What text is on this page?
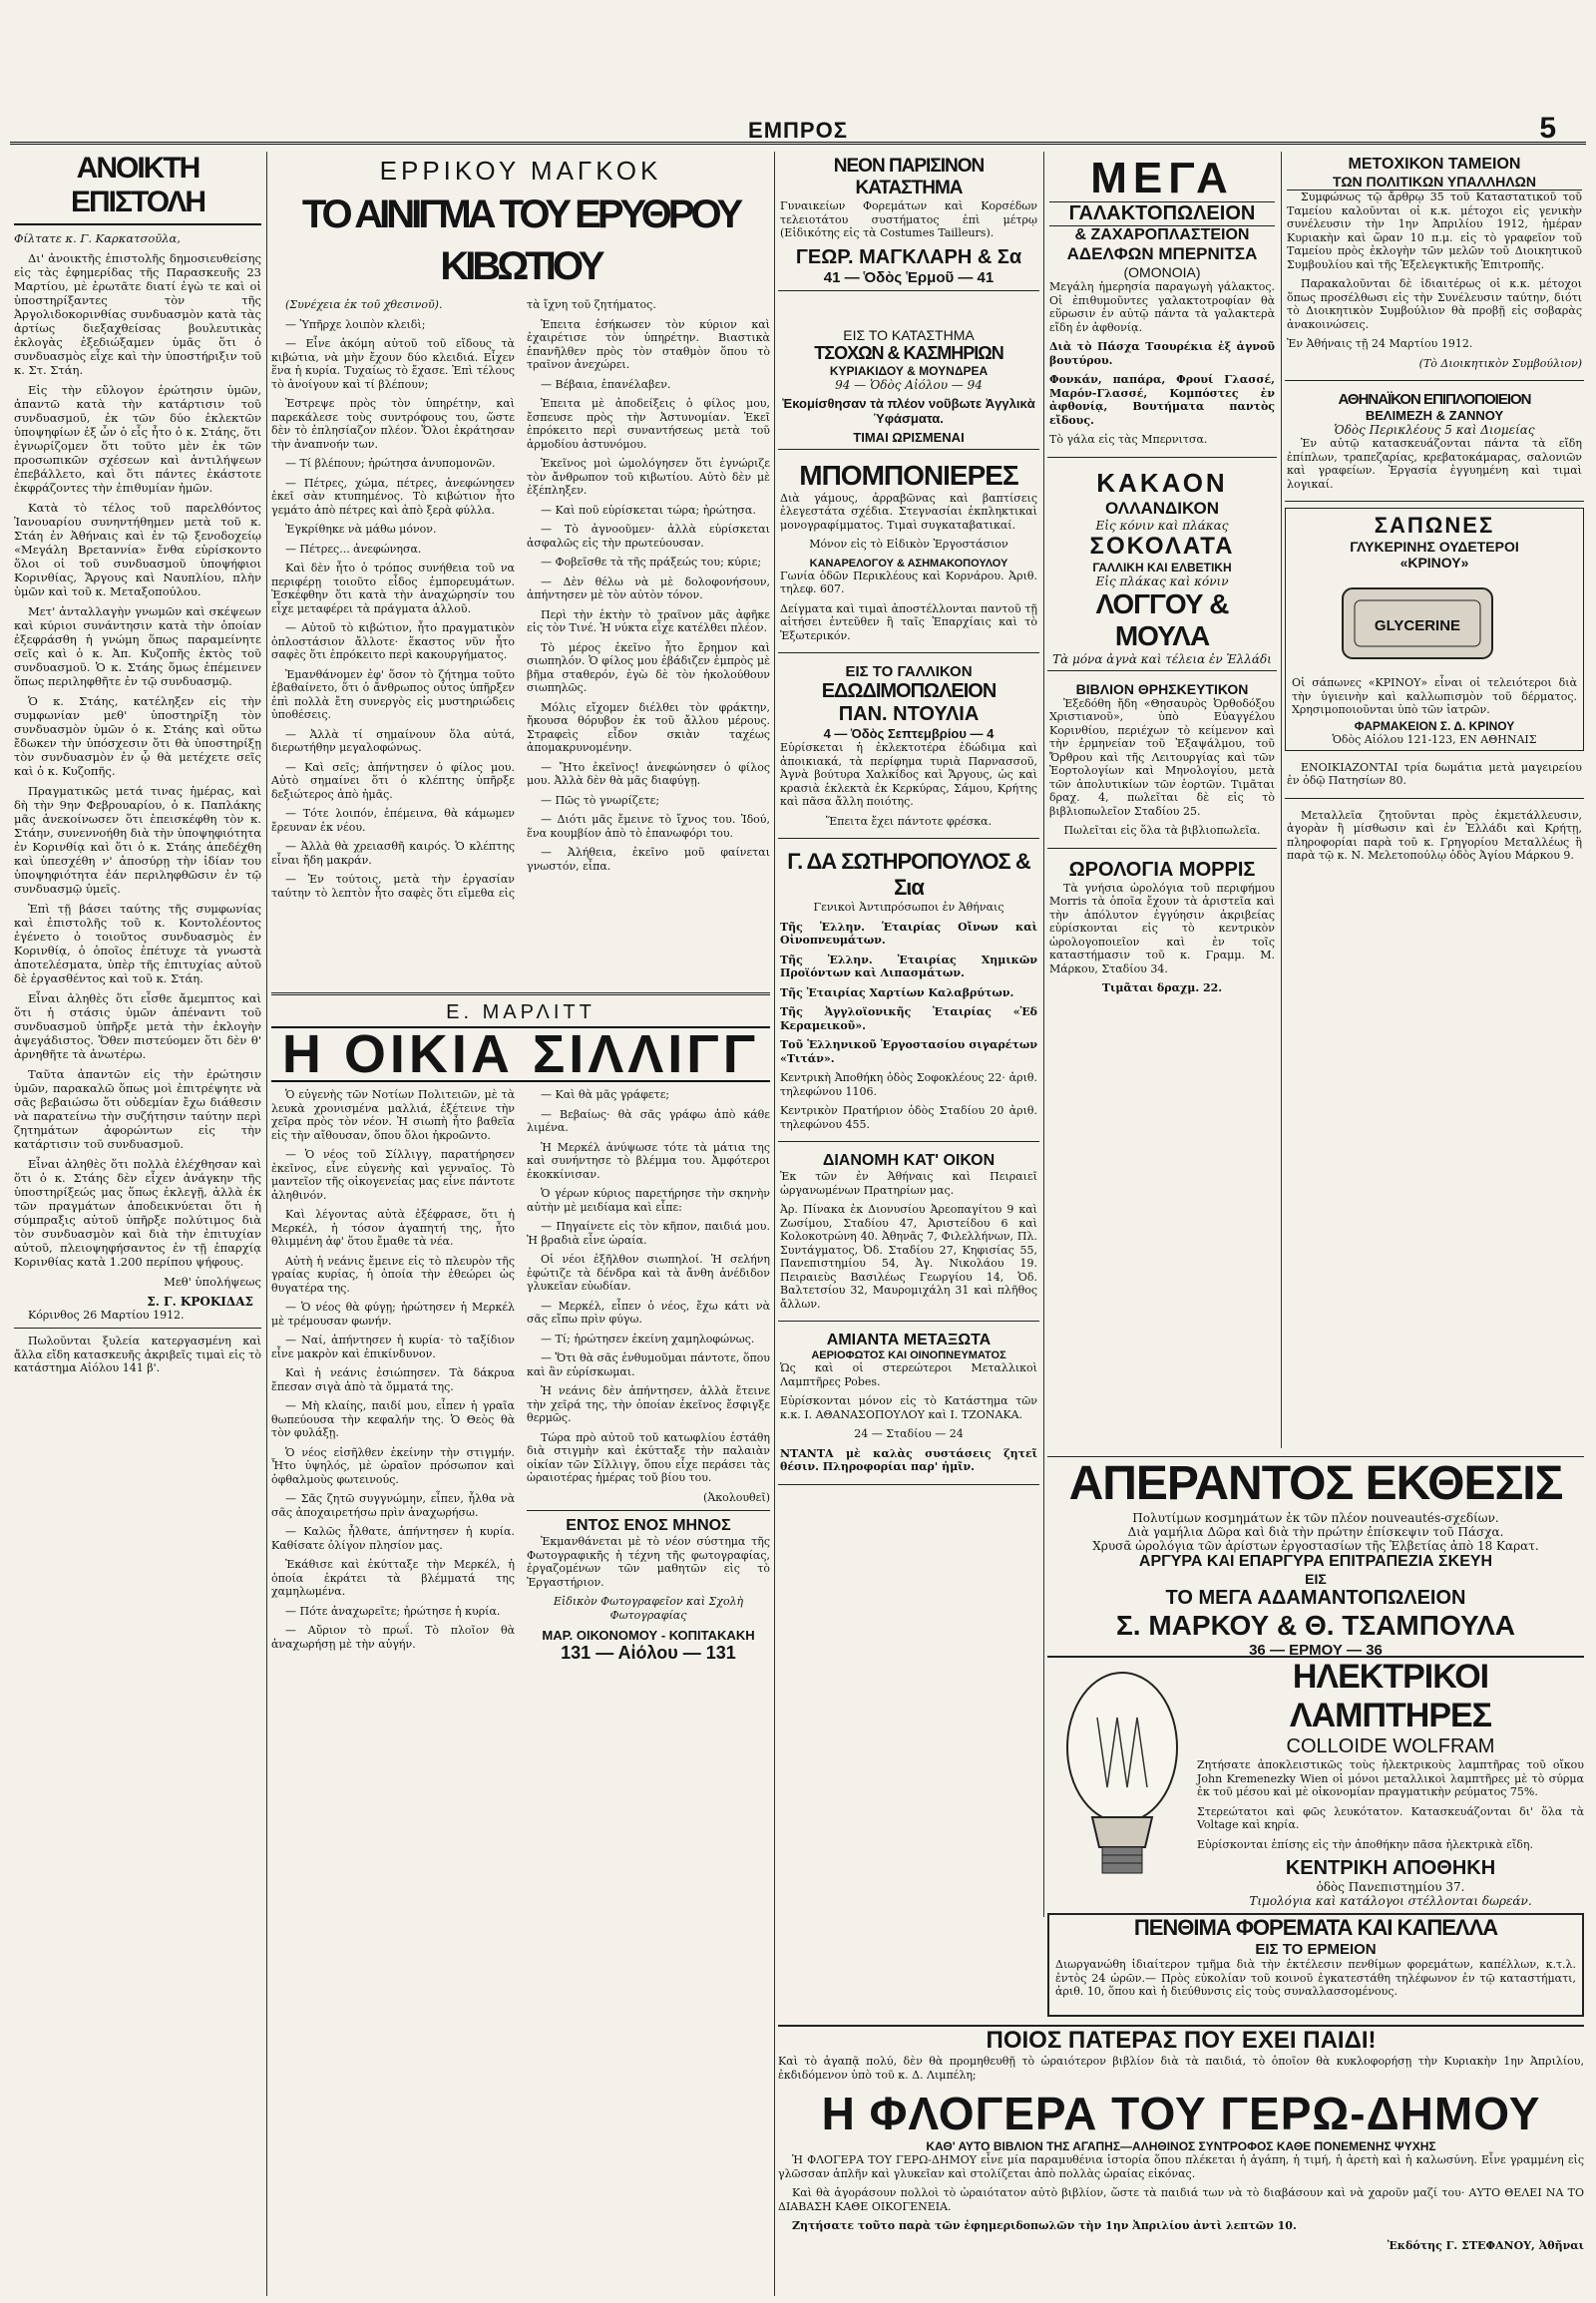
ΕΜΠΡΟΣ	5
ΑΝΟΙΚΤΗ ΕΠΙΣΤΟΛΗ

Φίλτατε κ. Γ. Καρκατσοῦλα,

Δι' ἀνοικτῆς ἐπιστολῆς δημοσιευθείσης εἰς τὰς ἐφημερίδας τῆς Παρασκευῆς 23 Μαρτίου, μὲ ἐρωτᾶτε διατί ἐγὼ τε καὶ οἱ ὑποστηρίξαντες τὸν τῆς Ἀργολιδοκορινθίας συνδυασμὸν κατὰ τὰς ἀρτίως διεξαχθείσας βουλευτικὰς ἐκλογὰς ἐξεδιώξαμεν ὑμᾶς ὅτι ὁ συνδυασμὸς εἶχε καὶ τὴν ὑποστήριξιν τοῦ κ. Στ. Στάη.

Εἰς τὴν εὔλογον ἐρώτησιν ὑμῶν, ἀπαντῶ κατὰ τὴν κατάρτισιν τοῦ συνδυασμοῦ, ἐκ τῶν δύο ἐκλεκτῶν ὑποψηφίων ἐξ ὧν ὁ εἷς ἦτο ὁ κ. Στάης, ὅτι ἐγνωρίζομεν ὅτι τοῦτο μὲν ἐκ τῶν προσωπικῶν σχέσεων καὶ ἀντιλήψεων ἐπεβάλλετο, καὶ ὅτι πάντες ἐκάστοτε ἐκφράζοντες τὴν ἐπιθυμίαν ἡμῶν.

Κατὰ τὸ τέλος τοῦ παρελθόντος Ἰανουαρίου συνηντήθημεν μετὰ τοῦ κ. Στάη ἐν Ἀθήναις καὶ ἐν τῷ ξενοδοχείῳ «Μεγάλη Βρεταννία» ἔνθα εὑρίσκοντο ὅλοι οἱ τοῦ συνδυασμοῦ ὑποψήφιοι Κορινθίας, Ἄργους καὶ Ναυπλίου, πλὴν ὑμῶν καὶ τοῦ κ. Μεταξοπούλου.

Μετ' ἀνταλλαγὴν γνωμῶν καὶ σκέψεων καὶ κύριοι συνάντησιν κατὰ τὴν ὁποίαν ἐξεφράσθη ἡ γνώμη ὅπως παραμείνητε σεῖς καὶ ὁ κ. Ἀπ. Κυζοπῆς ἐκτὸς τοῦ συνδυασμοῦ. Ὁ κ. Στάης ὅμως ἐπέμεινεν ὅπως περιληφθῆτε ἐν τῷ συνδυασμῷ.

Ὁ κ. Στάης, κατέληξεν εἰς τὴν συμφωνίαν μεθ' ὑποστηρίξη τὸν συνδυασμὸν ὑμῶν ὁ κ. Στάης καὶ οὕτω ἔδωκεν τὴν ὑπόσχεσιν ὅτι θὰ ὑποστηρίξῃ τὸν συνδυασμὸν ἐν ᾧ θὰ μετέχετε σεῖς καὶ ὁ κ. Κυζοπῆς.

Πραγματικῶς μετά τινας ἡμέρας, καὶ δὴ τὴν 9ην Φεβρουαρίου, ὁ κ. Παπλάκης μᾶς ἀνεκοίνωσεν ὅτι ἐπεισκέφθη τὸν κ. Στάην, συνεννοήθη διὰ τὴν ὑποψηφιότητα ἐν Κορινθίᾳ καὶ ὅτι ὁ κ. Στάης ἀπεδέχθη καὶ ὑπεσχέθη ν' ἀποσύρῃ τὴν ἰδίαν του ὑποψηφιότητα ἐάν περιληφθῶσιν ἐν τῷ συνδυασμῷ ὑμεῖς.

Ἐπὶ τῇ βάσει ταύτης τῆς συμφωνίας καὶ ἐπιστολῆς τοῦ κ. Κοντολέοντος ἐγένετο ὁ τοιοῦτος συνδυασμὸς ἐν Κορινθίᾳ, ὁ ὁποῖος ἐπέτυχε τὰ γνωστὰ ἀποτελέσματα, ὑπὲρ τῆς ἐπιτυχίας αὐτοῦ δὲ ἐργασθέντος καὶ τοῦ κ. Στάη.

Εἶναι ἀληθὲς ὅτι εἶσθε ἄμεμπτος καὶ ὅτι ἡ στάσις ὑμῶν ἀπέναντι τοῦ συνδυασμοῦ ὑπῆρξε μετὰ τὴν ἐκλογὴν ἀψεγάδιστος. Ὅθεν πιστεύομεν ὅτι δὲν θ' ἀρνηθῆτε τὰ ἀνωτέρω.

Ταῦτα ἀπαντῶν εἰς τὴν ἐρώτησιν ὑμῶν, παρακαλῶ ὅπως μοὶ ἐπιτρέψητε νὰ σᾶς βεβαιώσω ὅτι οὐδεμίαν ἔχω διάθεσιν νὰ παρατείνω τὴν συζήτησιν ταύτην περὶ ζητημάτων ἀφορώντων εἰς τὴν κατάρτισιν τοῦ συνδυασμοῦ.

Εἶναι ἀληθὲς ὅτι πολλὰ ἐλέχθησαν καὶ ὅτι ὁ κ. Στάης δὲν εἶχεν ἀνάγκην τῆς ὑποστηρίξεώς μας ὅπως ἐκλεγῇ, ἀλλὰ ἐκ τῶν πραγμάτων ἀποδεικνύεται ὅτι ἡ σύμπραξις αὐτοῦ ὑπῆρξε πολύτιμος διὰ τὸν συνδυασμὸν καὶ διὰ τὴν ἐπιτυχίαν αὐτοῦ, πλειοψηφήσαντος ἐν τῇ ἐπαρχίᾳ Κορινθίας κατὰ 1.200 περίπου ψήφους.

Μεθ' ὑπολήψεως

Σ. Γ. ΚΡΟΚΙΔΑΣ

Κόρινθος 26 Μαρτίου 1912.

Πωλοῦνται ξυλεία κατεργασμένη καὶ ἄλλα εἴδη κατασκευῆς ἀκριβεῖς τιμαὶ εἰς τὸ κατάστημα Αἰόλου 141 β'.

ΕΡΡΙΚΟΥ ΜΑΓΚΟΚ
ΤΟ ΑΙΝΙΓΜΑ ΤΟΥ ΕΡΥΘΡΟΥ ΚΙΒΩΤΙΟΥ

(Συνέχεια ἐκ τοῦ χθεσινοῦ).

— Ὑπῆρχε λοιπὸν κλειδὶ;

— Εἶνε ἀκόμη αὐτοῦ τοῦ εἴδους τὰ κιβώτια, νὰ μὴν ἔχουν δύο κλειδιά. Εἶχεν ἕνα ἡ κυρία. Τυχαίως τὸ ἔχασε. Ἐπὶ τέλους τὸ ἀνοίγουν καὶ τί βλέπουν;

Ἐστρεψε πρὸς τὸν ὑπηρέτην, καὶ παρεκάλεσε τοὺς συντρόφους του, ὥστε δὲν τὸ ἐπλησίαζον πλέον. Ὅλοι ἐκράτησαν τὴν ἀναπνοήν των.

— Τί βλέπουν; ἠρώτησα ἀνυπομονῶν.

— Πέτρες, χώμα, πέτρες, ἀνεφώνησεν ἐκεῖ σὰν κτυπημένος. Τὸ κιβώτιον ἦτο γεμάτο ἀπὸ πέτρες καὶ ἀπὸ ξερὰ φύλλα.

Ἐγκρίθηκε νὰ μάθω μόνον.

— Πέτρες... ἀνεφώνησα.

Καὶ δὲν ἦτο ὁ τρόπος συνήθεια τοῦ να περιφέρῃ τοιοῦτο εἶδος ἐμπορευμάτων. Ἐσκέφθην ὅτι κατὰ τὴν ἀναχώρησίν του εἶχε μεταφέρει τὰ πράγματα ἀλλοῦ.

— Αὐτοῦ τὸ κιβώτιον, ἦτο πραγματικὸν ὁπλοστάσιον ἄλλοτε· ἕκαστος νῦν ἦτο σαφὲς ὅτι ἐπρόκειτο περὶ κακουργήματος.

Ἐμανθάνομεν ἐφ' ὅσον τὸ ζήτημα τοῦτο ἐβαθαίνετο, ὅτι ὁ ἄνθρωπος οὗτος ὑπῆρξεν ἐπὶ πολλὰ ἔτη συνεργὸς εἰς μυστηριώδεις ὑποθέσεις.

— Ἀλλὰ τί σημαίνουν ὅλα αὐτά, διερωτήθην μεγαλοφώνως.

— Καὶ σεῖς; ἀπήντησεν ὁ φίλος μου. Αὐτὸ σημαίνει ὅτι ὁ κλέπτης ὑπῆρξε δεξιώτερος ἀπὸ ἡμᾶς.

— Τότε λοιπόν, ἐπέμεινα, θὰ κάμωμεν ἔρευναν ἐκ νέου.

— Ἀλλὰ θὰ χρειασθῆ καιρός. Ὁ κλέπτης εἶναι ἤδη μακράν.

— Ἐν τούτοις, μετὰ τὴν ἐργασίαν ταύτην τὸ λεπτὸν ἦτο σαφὲς ὅτι εἴμεθα εἰς τὰ ἴχνη τοῦ ζητήματος.

Ἐπειτα ἐσήκωσεν τὸν κύριον καὶ ἐχαιρέτισε τὸν ὑπηρέτην. Βιαστικὰ ἐπανῆλθεν πρὸς τὸν σταθμὸν ὅπου τὸ τραῖνον ἀνεχώρει.

— Βέβαια, ἐπανέλαβεν.

Ἐπειτα μὲ ἀποδείξεις ὁ φίλος μου, ἔσπευσε πρὸς τὴν Ἀστυνομίαν. Ἐκεῖ ἐπρόκειτο περὶ συναντήσεως μετὰ τοῦ ἀρμοδίου ἀστυνόμου.

Ἐκεῖνος μοὶ ὡμολόγησεν ὅτι ἐγνώριζε τὸν ἄνθρωπον τοῦ κιβωτίου. Αὐτὸ δὲν μὲ ἐξέπληξεν.

— Καὶ ποῦ εὑρίσκεται τώρα; ἠρώτησα.

— Τὸ ἀγνοοῦμεν· ἀλλὰ εὑρίσκεται ἀσφαλῶς εἰς τὴν πρωτεύουσαν.

— Φοβεῖσθε τὰ τῆς πράξεώς του; κύριε;

— Δὲν θέλω νὰ μὲ δολοφονήσουν, ἀπήντησεν μὲ τὸν αὐτὸν τόνον.

Περὶ τὴν ἐκτὴν τὸ τραῖνον μᾶς ἀφῆκε εἰς τὸν Τινέ. Ἡ νύκτα εἶχε κατέλθει πλέον.

Τὸ μέρος ἐκεῖνο ἦτο ἔρημον καὶ σιωπηλόν. Ὁ φίλος μου ἐβάδιζεν ἐμπρὸς μὲ βῆμα σταθερόν, ἐγὼ δὲ τὸν ἠκολούθουν σιωπηλῶς.

Μόλις εἴχομεν διέλθει τὸν φράκτην, ἤκουσα θόρυβον ἐκ τοῦ ἄλλου μέρους. Στραφεὶς εἶδον σκιὰν ταχέως ἀπομακρυνομένην.

— Ἤτο ἐκεῖνος! ἀνεφώνησεν ὁ φίλος μου. Ἀλλὰ δὲν θὰ μᾶς διαφύγῃ.

— Πῶς τὸ γνωρίζετε;

— Διότι μᾶς ἔμεινε τὸ ἴχνος του. Ἰδού, ἕνα κουμβίον ἀπὸ τὸ ἐπανωφόρι του.

— Ἀλήθεια, ἐκεῖνο μοῦ φαίνεται γνωστόν, εἶπα.

Ε. ΜΑΡΛΙΤΤ
Η ΟΙΚΙΑ ΣΙΛΛΙΓΓ

Ὁ εὐγενὴς τῶν Νοτίων Πολιτειῶν, μὲ τὰ λευκὰ χρονισμένα μαλλιά, ἐξέτεινε τὴν χεῖρα πρὸς τὸν νέον. Ἡ σιωπὴ ἦτο βαθεῖα εἰς τὴν αἴθουσαν, ὅπου ὅλοι ἠκροῶντο.

— Ὁ νέος τοῦ Σίλλιγγ, παρατήρησεν ἐκεῖνος, εἶνε εὐγενὴς καὶ γενναῖος. Τὸ μαντεῖον τῆς οἰκογενείας μας εἶνε πάντοτε ἀληθινόν.

Καὶ λέγοντας αὐτὰ ἐξέφρασε, ὅτι ἡ Μερκέλ, ἡ τόσον ἀγαπητή της, ἦτο θλιμμένη ἀφ' ὅτου ἔμαθε τὰ νέα.

Αὐτὴ ἡ νεάνις ἔμεινε εἰς τὸ πλευρὸν τῆς γραίας κυρίας, ἡ ὁποία τὴν ἐθεώρει ὡς θυγατέρα της.

— Ὁ νέος θὰ φύγῃ; ἠρώτησεν ἡ Μερκέλ μὲ τρέμουσαν φωνήν.

— Ναί, ἀπήντησεν ἡ κυρία· τὸ ταξίδιον εἶνε μακρὸν καὶ ἐπικίνδυνον.

Καὶ ἡ νεάνις ἐσιώπησεν. Τὰ δάκρυα ἔπεσαν σιγὰ ἀπὸ τὰ ὄμματά της.

— Μὴ κλαίης, παιδί μου, εἶπεν ἡ γραῖα θωπεύουσα τὴν κεφαλήν της. Ὁ Θεὸς θὰ τὸν φυλάξῃ.

Ὁ νέος εἰσῆλθεν ἐκείνην τὴν στιγμήν. Ἦτο ὑψηλός, μὲ ὡραῖον πρόσωπον καὶ ὀφθαλμοὺς φωτεινούς.

— Σᾶς ζητῶ συγγνώμην, εἶπεν, ἦλθα νὰ σᾶς ἀποχαιρετήσω πρὶν ἀναχωρήσω.

— Καλῶς ἦλθατε, ἀπήντησεν ἡ κυρία. Καθίσατε ὀλίγον πλησίον μας.

Ἐκάθισε καὶ ἐκύτταξε τὴν Μερκέλ, ἡ ὁποία ἐκράτει τὰ βλέμματά της χαμηλωμένα.

— Πότε ἀναχωρεῖτε; ἠρώτησε ἡ κυρία.

— Αὔριον τὸ πρωΐ. Τὸ πλοῖον θὰ ἀναχωρήσῃ μὲ τὴν αὐγήν.

— Καὶ θὰ μᾶς γράφετε;

— Βεβαίως· θὰ σᾶς γράφω ἀπὸ κάθε λιμένα.

Ἡ Μερκέλ ἀνύψωσε τότε τὰ μάτια της καὶ συνήντησε τὸ βλέμμα του. Ἀμφότεροι ἐκοκκίνισαν.

Ὁ γέρων κύριος παρετήρησε τὴν σκηνὴν αὐτὴν μὲ μειδίαμα καὶ εἶπε:

— Πηγαίνετε εἰς τὸν κῆπον, παιδιά μου. Ἡ βραδιὰ εἶνε ὡραία.

Οἱ νέοι ἐξῆλθον σιωπηλοί. Ἡ σελήνη ἐφώτιζε τὰ δένδρα καὶ τὰ ἄνθη ἀνέδιδον γλυκεῖαν εὐωδίαν.

— Μερκέλ, εἶπεν ὁ νέος, ἔχω κάτι νὰ σᾶς εἴπω πρὶν φύγω.

— Τί; ἠρώτησεν ἐκείνη χαμηλοφώνως.

— Ὅτι θὰ σᾶς ἐνθυμοῦμαι πάντοτε, ὅπου καὶ ἂν εὑρίσκωμαι.

Ἡ νεάνις δὲν ἀπήντησεν, ἀλλὰ ἔτεινε τὴν χεῖρά της, τὴν ὁποίαν ἐκεῖνος ἔσφιγξε θερμῶς.

Τώρα πρὸ αὐτοῦ τοῦ κατωφλίου ἐστάθη διὰ στιγμὴν καὶ ἐκύτταξε τὴν παλαιὰν οἰκίαν τῶν Σίλλιγγ, ὅπου εἶχε περάσει τὰς ὡραιοτέρας ἡμέρας τοῦ βίου του.

(Ἀκολουθεῖ)

ΕΝΤΟΣ ΕΝΟΣ ΜΗΝΟΣ

Ἐκμανθάνεται μὲ τὸ νέον σύστημα τῆς Φωτογραφικῆς ἡ τέχνη τῆς φωτογραφίας, ἐργαζομένων τῶν μαθητῶν εἰς τὸ Ἐργαστήριον.

Εἰδικὸν Φωτογραφεῖον καὶ Σχολὴ Φωτογραφίας

ΜΑΡ. ΟΙΚΟΝΟΜΟΥ - ΚΟΠΙΤΑΚΑΚΗ

131 — Αἰόλου — 131

ΝΕΟΝ ΠΑΡΙΣΙΝΟΝ ΚΑΤΑΣΤΗΜΑ

Γυναικείων Φορεμάτων καὶ Κορσέδων τελειοτάτου συστήματος ἐπὶ μέτρῳ (Εἰδικότης εἰς τὰ Costumes Tailleurs).

ΓΕΩΡ. ΜΑΓΚΛΑΡΗ & Σα
41 — Ὁδὸς Ἑρμοῦ — 41
ΕΙΣ ΤΟ ΚΑΤΑΣΤΗΜΑ
ΤΣΟΧΩΝ & ΚΑΣΜΗΡΙΩΝ
ΚΥΡΙΑΚΙΔΟΥ & ΜΟΥΝΔΡΕΑ
94 — Ὁδὸς Αἰόλου — 94
Ἐκομίσθησαν τὰ πλέον νοῦβωτε Ἀγγλικὰ Ὑφάσματα.
ΤΙΜΑΙ ΩΡΙΣΜΕΝΑΙ
ΜΠΟΜΠΟΝΙΕΡΕΣ

Διὰ γάμους, ἀρραβῶνας καὶ βαπτίσεις ἐλεγεστάτα σχέδια. Στεγνασίαι ἐκπληκτικαὶ μονογραφίμματος. Τιμαὶ συγκαταβατικαί.

Μόνον εἰς τὸ Εἰδικὸν Ἐργοστάσιον

ΚΑΝΑΡΕΛΟΓΟΥ & ΑΣΗΜΑΚΟΠΟΥΛΟΥ

Γωνία ὁδῶν Περικλέους καὶ Κορνάρου. Ἀριθ. τηλεφ. 607.

Δείγματα καὶ τιμαὶ ἀποστέλλονται παντοῦ τῇ αἰτήσει ἐντεῦθεν ἢ ταῖς Ἐπαρχίαις καὶ τὸ Ἐξωτερικόν.

ΕΙΣ ΤΟ ΓΑΛΛΙΚΟΝ
ΕΔΩΔΙΜΟΠΩΛΕΙΟΝ
ΠΑΝ. ΝΤΟΥΛΙΑ
4 — Ὁδὸς Σεπτεμβρίου — 4

Εὑρίσκεται ἡ ἐκλεκτοτέρα ἐδώδιμα καὶ ἀποικιακά, τὰ περίφημα τυριὰ Παρνασσοῦ, Ἀγνὰ βούτυρα Χαλκίδος καὶ Ἄργους, ὡς καὶ κρασιὰ ἐκλεκτὰ ἐκ Κερκύρας, Σάμου, Κρήτης καὶ πᾶσα ἄλλη ποιότης.

Ἕπειτα ἔχει πάντοτε φρέσκα.

Γ. ΔΑ ΣΩΤΗΡΟΠΟΥΛΟΣ & Σια

Γενικοὶ Ἀντιπρόσωποι ἐν Ἀθήναις

Τῆς Ἑλλην. Ἑταιρίας Οἴνων καὶ Οἰνοπνευμάτων.

Τῆς Ἑλλην. Ἑταιρίας Χημικῶν Προϊόντων καὶ Λιπασμάτων.

Τῆς Ἑταιρίας Χαρτίων Καλαβρύτων.

Τῆς Ἀγγλοϊονικῆς Ἑταιρίας «Ἐδ Κεραμεικοῦ».

Τοῦ Ἑλληνικοῦ Ἐργοστασίου σιγαρέτων «Τιτάν».

Κεντρικὴ Ἀποθήκη ὁδὸς Σοφοκλέους 22· ἀριθ. τηλεφώνου 1106.

Κεντρικὸν Πρατήριον ὁδὸς Σταδίου 20 ἀριθ. τηλεφώνου 455.

ΔΙΑΝΟΜΗ ΚΑΤ' ΟΙΚΟΝ

Ἐκ τῶν ἐν Ἀθήναις καὶ Πειραιεῖ ὡργανωμένων Πρατηρίων μας.

Ἀρ. Πίνακα ἐκ Διονυσίου Ἀρεοπαγίτου 9 καὶ Ζωσίμου, Σταδίου 47, Ἀριστείδου 6 καὶ Κολοκοτρώνη 40. Ἀθηνᾶς 7, Φιλελλήνων, Πλ. Συντάγματος, Ὀδ. Σταδίου 27, Κηφισίας 55, Πανεπιστημίου 54, Ἀγ. Νικολάου 19. Πειραιεὺς Βασιλέως Γεωργίου 14, Ὁδ. Βαλτετσίου 32, Μαυρομιχάλη 31 καὶ πλῆθος ἄλλων.

ΑΜΙΑΝΤΑ ΜΕΤΑΞΩΤΑ
ΑΕΡΙΟΦΩΤΟΣ ΚΑΙ ΟΙΝΟΠΝΕΥΜΑΤΟΣ

Ὡς καὶ οἱ στερεώτεροι Μεταλλικοὶ Λαμπτῆρες Pobes.

Εὑρίσκονται μόνον εἰς τὸ Κατάστημα τῶν κ.κ. Ι. ΑΘΑΝΑΣΟΠΟΥΛΟΥ καὶ Ι. ΤΖΟΝΑΚΑ.

24 — Σταδίου — 24

ΝΤΑΝΤΑ μὲ καλὰς συστάσεις ζητεῖ θέσιν. Πληροφορίαι παρ' ἡμῖν.

ΜΕΓΑ
ΓΑΛΑΚΤΟΠΩΛΕΙΟΝ
& ΖΑΧΑΡΟΠΛΑΣΤΕΙΟΝ
ΑΔΕΛΦΩΝ ΜΠΕΡΝΙΤΣΑ
(ΟΜΟΝΟΙΑ)

Μεγάλη ἡμερησία παραγωγὴ γάλακτος. Οἱ ἐπιθυμοῦντες γαλακτοτροφίαν θὰ εὕρωσιν ἐν αὐτῷ πάντα τὰ γαλακτερὰ εἴδη ἐν ἀφθονίᾳ.

Διὰ τὸ Πάσχα Τσουρέκια ἐξ ἀγνοῦ βουτύρου.

Φονκάν, παπάρα, Φρουί Γλασσέ, Μαρόν-Γλασσέ, Κομπόστες ἐν ἀφθονίᾳ, Βουτήματα παντὸς εἴδους.

Τὸ γάλα εἰς τὰς Μπερνιτσα.

ΚΑΚΑΟΝ
ΟΛΛΑΝΔΙΚΟΝ
Εἰς κόνιν καὶ πλάκας
ΣΟΚΟΛΑΤΑ
ΓΑΛΛΙΚΗ ΚΑΙ ΕΛΒΕΤΙΚΗ
Εἰς πλάκας καὶ κόνιν
ΛΟΓΓΟΥ & ΜΟΥΛΑ
Τὰ μόνα ἀγνὰ καὶ τέλεια ἐν Ἑλλάδι
ΒΙΒΛΙΟΝ ΘΡΗΣΚΕΥΤΙΚΟΝ

Ἐξεδόθη ἤδη «Θησαυρὸς Ὀρθοδόξου Χριστιανοῦ», ὑπὸ Εὐαγγέλου Κορινθίου, περιέχων τὸ κείμενον καὶ τὴν ἑρμηνείαν τοῦ Ἐξαψάλμου, τοῦ Ὄρθρου καὶ τῆς Λειτουργίας καὶ τῶν Ἑορτολογίων καὶ Μηνολογίου, μετὰ τῶν ἀπολυτικίων τῶν ἑορτῶν. Τιμᾶται δραχ. 4, πωλεῖται δὲ εἰς τὸ βιβλιοπωλεῖον Σταδίου 25.

Πωλεῖται εἰς ὅλα τὰ βιβλιοπωλεῖα.

ΩΡΟΛΟΓΙΑ ΜΟΡΡΙΣ

Τὰ γνήσια ὡρολόγια τοῦ περιφήμου Morris τὰ ὁποῖα ἔχουν τὰ ἀριστεῖα καὶ τὴν ἀπόλυτον ἐγγύησιν ἀκριβείας εὑρίσκονται εἰς τὸ κεντρικὸν ὡρολογοποιεῖον καὶ ἐν τοῖς καταστήμασιν τοῦ κ. Γραμμ. Μ. Μάρκου, Σταδίου 34.

Τιμᾶται δραχμ. 22.

ΜΕΤΟΧΙΚΟΝ ΤΑΜΕΙΟΝ
ΤΩΝ ΠΟΛΙΤΙΚΩΝ ΥΠΑΛΛΗΛΩΝ

Συμφώνως τῷ ἄρθρῳ 35 τοῦ Καταστατικοῦ τοῦ Ταμείου καλοῦνται οἱ κ.κ. μέτοχοι εἰς γενικὴν συνέλευσιν τὴν 1ην Ἀπριλίου 1912, ἡμέραν Κυριακὴν καὶ ὥραν 10 π.μ. εἰς τὸ γραφεῖον τοῦ Ταμείου πρὸς ἐκλογὴν τῶν μελῶν τοῦ Διοικητικοῦ Συμβουλίου καὶ τῆς Ἐξελεγκτικῆς Ἐπιτροπῆς.

Παρακαλοῦνται δὲ ἰδιαιτέρως οἱ κ.κ. μέτοχοι ὅπως προσέλθωσι εἰς τὴν Συνέλευσιν ταύτην, διότι τὸ Διοικητικὸν Συμβούλιον θὰ προβῇ εἰς σοβαρὰς ἀνακοινώσεις.

Ἐν Ἀθήναις τῇ 24 Μαρτίου 1912.

(Τὸ Διοικητικὸν Συμβούλιον)

ΑΘΗΝΑΪΚΟΝ ΕΠΙΠΛΟΠΟΙΕΙΟΝ
ΒΕΛΙΜΕΖΗ & ΖΑΝΝΟΥ
Ὁδὸς Περικλέους 5 καὶ Διομείας

Ἐν αὐτῷ κατασκευάζονται πάντα τὰ εἴδη ἐπίπλων, τραπεζαρίας, κρεβατοκάμαρας, σαλονιῶν καὶ γραφείων. Ἐργασία ἐγγυημένη καὶ τιμαὶ λογικαί.

ΣΑΠΩΝΕΣ
ΓΛΥΚΕΡΙΝΗΣ ΟΥΔΕΤΕΡΟΙ
«ΚΡΙΝΟΥ»
GLYCERINE

Οἱ σάπωνες «ΚΡΙΝΟΥ» εἶναι οἱ τελειότεροι διὰ τὴν ὑγιεινὴν καὶ καλλωπισμὸν τοῦ δέρματος. Χρησιμοποιοῦνται ὑπὸ τῶν ἰατρῶν.

ΦΑΡΜΑΚΕΙΟΝ Σ. Δ. ΚΡΙΝΟΥ
Ὁδὸς Αἰόλου 121-123, ΕΝ ΑΘΗΝΑΙΣ

ΕΝΟΙΚΙΑΖΟΝΤΑΙ τρία δωμάτια μετὰ μαγειρείου ἐν ὁδῷ Πατησίων 80.

Μεταλλεῖα ζητοῦνται πρὸς ἐκμετάλλευσιν, ἀγορὰν ἢ μίσθωσιν καὶ ἐν Ἑλλάδι καὶ Κρήτῃ, πληροφορίαι παρὰ τοῦ κ. Γρηγορίου Μεταλλέως ἢ παρὰ τῷ κ. Ν. Μελετοπούλῳ ὁδὸς Ἀγίου Μάρκου 9.

ΑΠΕΡΑΝΤΟΣ ΕΚΘΕΣΙΣ
Πολυτίμων κοσμημάτων ἐκ τῶν πλέον nouveautés-σχεδίων.
Διὰ γαμήλια Δῶρα καὶ διὰ τὴν πρώτην ἐπίσκεψιν τοῦ Πάσχα.
Χρυσᾶ ὡρολόγια τῶν ἀρίστων ἐργοστασίων τῆς Ἑλβετίας ἀπὸ 18 Καρατ.
ΑΡΓΥΡΑ ΚΑΙ ΕΠΑΡΓΥΡΑ ΕΠΙΤΡΑΠΕΖΙΑ ΣΚΕΥΗ
ΕΙΣ
ΤΟ ΜΕΓΑ ΑΔΑΜΑΝΤΟΠΩΛΕΙΟΝ
Σ. ΜΑΡΚΟΥ & Θ. ΤΣΑΜΠΟΥΛΑ
36 — ΕΡΜΟΥ — 36
ΗΛΕΚΤΡΙΚΟΙ ΛΑΜΠΤΗΡΕΣ
COLLOIDE WOLFRAM

Ζητήσατε ἀποκλειστικῶς τοὺς ἠλεκτρικοὺς λαμπτῆρας τοῦ οἴκου John Kremenezky Wien οἱ μόνοι μεταλλικοὶ λαμπτῆρες μὲ τὸ σύρμα ἐκ τοῦ μέσου καὶ μὲ οἰκονομίαν πραγματικὴν ρεύματος 75%.

Στερεώτατοι καὶ φῶς λευκότατον. Κατασκευάζονται δι' ὅλα τὰ Voltage καὶ κηρία.

Εὑρίσκονται ἐπίσης εἰς τὴν ἀποθήκην πᾶσα ἠλεκτρικὰ εἴδη.

ΚΕΝΤΡΙΚΗ ΑΠΟΘΗΚΗ
ὁδὸς Πανεπιστημίου 37.
Τιμολόγια καὶ κατάλογοι στέλλονται δωρεάν.
ΠΕΝΘΙΜΑ ΦΟΡΕΜΑΤΑ ΚΑΙ ΚΑΠΕΛΛΑ
ΕΙΣ ΤΟ ΕΡΜΕΙΟΝ

Διωργανώθη ἰδιαίτερον τμῆμα διὰ τὴν ἐκτέλεσιν πενθίμων φορεμάτων, καπέλλων, κ.τ.λ. ἐντὸς 24 ὡρῶν.— Πρὸς εὐκολίαν τοῦ κοινοῦ ἐγκατεστάθη τηλέφωνον ἐν τῷ καταστήματι, ἀριθ. 10, ὅπου καὶ ἡ διεύθυνσις εἰς τοὺς συναλλασσομένους.

ΠΟΙΟΣ ΠΑΤΕΡΑΣ ΠΟΥ ΕΧΕΙ ΠΑΙΔΙ!

Καὶ τὸ ἀγαπᾷ πολύ, δὲν θὰ προμηθευθῇ τὸ ὡραιότερον βιβλίον διὰ τὰ παιδιά, τὸ ὁποῖον θὰ κυκλοφορήσῃ τὴν Κυριακὴν 1ην Ἀπριλίου, ἐκδιδόμενον ὑπὸ τοῦ κ. Δ. Λιμπέλη;

Η ΦΛΟΓΕΡΑ ΤΟΥ ΓΕΡΩ-ΔΗΜΟΥ
ΚΑΘ' ΑΥΤΟ ΒΙΒΛΙΟΝ ΤΗΣ ΑΓΑΠΗΣ—ΑΛΗΘΙΝΟΣ ΣΥΝΤΡΟΦΟΣ ΚΑΘΕ ΠΟΝΕΜΕΝΗΣ ΨΥΧΗΣ

Ἡ ΦΛΟΓΕΡΑ ΤΟΥ ΓΕΡΩ-ΔΗΜΟΥ εἶνε μία παραμυθένια ἱστορία ὅπου πλέκεται ἡ ἀγάπη, ἡ τιμή, ἡ ἀρετὴ καὶ ἡ καλωσύνη. Εἶνε γραμμένη εἰς γλῶσσαν ἁπλῆν καὶ γλυκεῖαν καὶ στολίζεται ἀπὸ πολλὰς ὡραίας εἰκόνας.

Καὶ θὰ ἀγοράσουν πολλοὶ τὸ ὡραιότατον αὐτὸ βιβλίον, ὥστε τὰ παιδιά των νὰ τὸ διαβάσουν καὶ νὰ χαροῦν μαζί του· ΑΥΤΟ ΘΕΛΕΙ ΝΑ ΤΟ ΔΙΑΒΑΣΗ ΚΑΘΕ ΟΙΚΟΓΕΝΕΙΑ.

Ζητήσατε τοῦτο παρὰ τῶν ἐφημεριδοπωλῶν τὴν 1ην Ἀπριλίου ἀντὶ λεπτῶν 10.

Ἐκδότης Γ. ΣΤΕΦΑΝΟΥ, Ἀθῆναι
